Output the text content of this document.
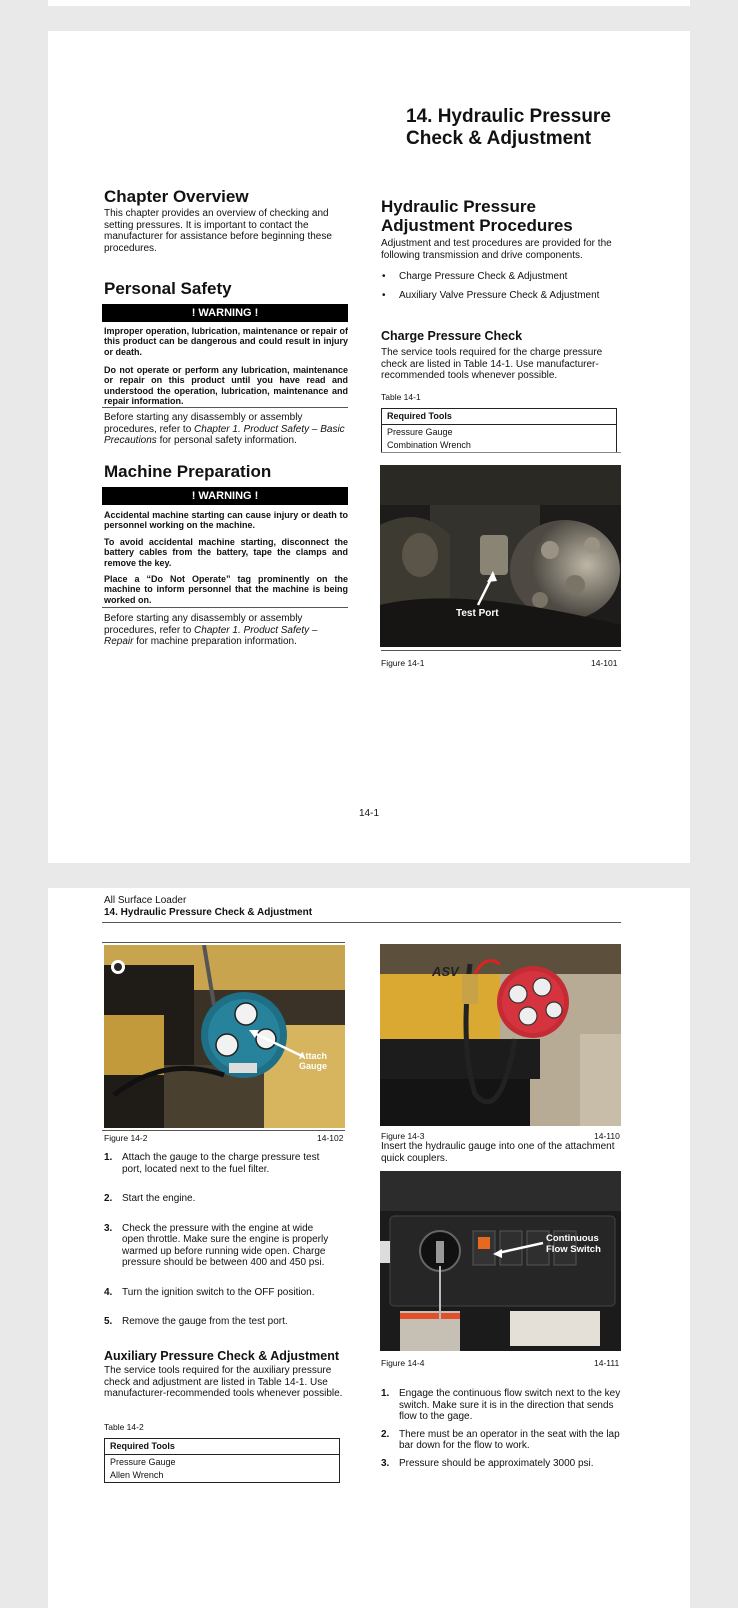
14. Hydraulic Pressure
Check & Adjustment
Chapter Overview
This chapter provides an overview of checking and setting pressures. It is important to contact the manufacturer for assistance before beginning these procedures.
Personal Safety
! WARNING !
Improper operation, lubrication, maintenance or repair of this product can be dangerous and could result in injury or death.
Do not operate or perform any lubrication, maintenance or repair on this product until you have read and understood the operation, lubrication, maintenance and repair information.
Before starting any disassembly or assembly procedures, refer to Chapter 1. Product Safety – Basic Precautions for personal safety information.
Machine Preparation
! WARNING !
Accidental machine starting can cause injury or death to personnel working on the machine.
To avoid accidental machine starting, disconnect the battery cables from the battery, tape the clamps and remove the key.
Place a “Do Not Operate” tag prominently on the machine to inform personnel that the machine is being worked on.
Before starting any disassembly or assembly procedures, refer to Chapter 1. Product Safety – Repair for machine preparation information.
Hydraulic Pressure
Adjustment Procedures
Adjustment and test procedures are provided for the following transmission and drive components.
• Charge Pressure Check & Adjustment
• Auxiliary Valve Pressure Check & Adjustment
Charge Pressure Check
The service tools required for the charge pressure check are listed in Table 14-1. Use manufacturer-recommended tools whenever possible.
Table 14-1
Required Tools
Pressure Gauge
Combination Wrench
Test Port
Figure 14-1	14-101
14-1
All Surface Loader
14. Hydraulic Pressure Check & Adjustment
Attach Gauge
Figure 14-2	14-102
1. Attach the gauge to the charge pressure test port, located next to the fuel filter.
2. Start the engine.
3. Check the pressure with the engine at wide open throttle. Make sure the engine is properly warmed up before running wide open. Charge pressure should be between 400 and 450 psi.
4. Turn the ignition switch to the OFF position.
5. Remove the gauge from the test port.
Auxiliary Pressure Check & Adjustment
The service tools required for the auxiliary pressure check and adjustment are listed in Table 14-1. Use manufacturer-recommended tools whenever possible.
Table 14-2
Required Tools
Pressure Gauge
Allen Wrench
ASV
Figure 14-3	14-110
Insert the hydraulic gauge into one of the attachment quick couplers.
Continuous Flow Switch
Figure 14-4	14-111
1. Engage the continuous flow switch next to the key switch. Make sure it is in the direction that sends flow to the gage.
2. There must be an operator in the seat with the lap bar down for the flow to work.
3. Pressure should be approximately 3000 psi.
